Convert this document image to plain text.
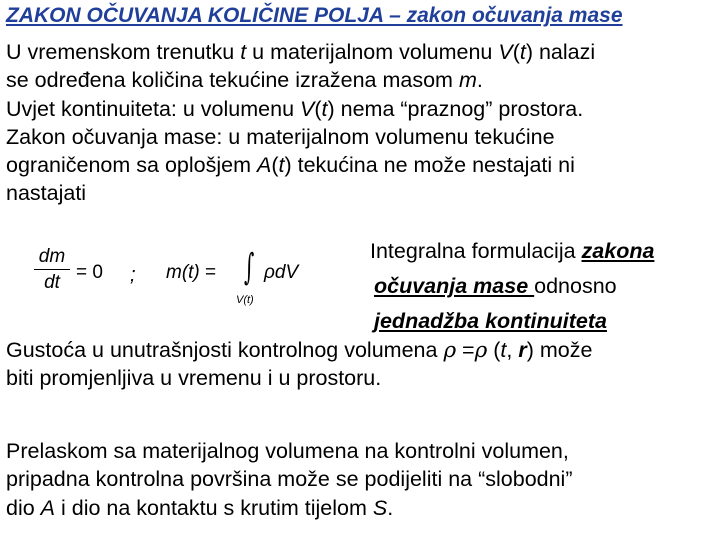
ZAKON OČUVANJA KOLIČINE POLJA – zakon očuvanja mase
U vremenskom trenutku t u materijalnom volumenu V(t) nalazi
se određena količina tekućine izražena masom m.
Uvjet kontinuiteta: u volumenu V(t) nema “praznog” prostora.
Zakon očuvanja mase: u materijalnom volumenu tekućine
ograničenom sa oplošjem A(t) tekućina ne može nestajati ni
nastajati
$\frac{dm}{dt} = 0$ ; m(t) = ∫
V(t)
ρdV
Integralna formulacija zakona
očuvanja mase odnosno
jednadžba kontinuiteta
Gustoća u unutrašnjosti kontrolnog volumena ρ =ρ (t, r) može
biti promjenljiva u vremenu i u prostoru.
Prelaskom sa materijalnog volumena na kontrolni volumen,
pripadna kontrolna površina može se podijeliti na “slobodni”
dio A i dio na kontaktu s krutim tijelom S.
